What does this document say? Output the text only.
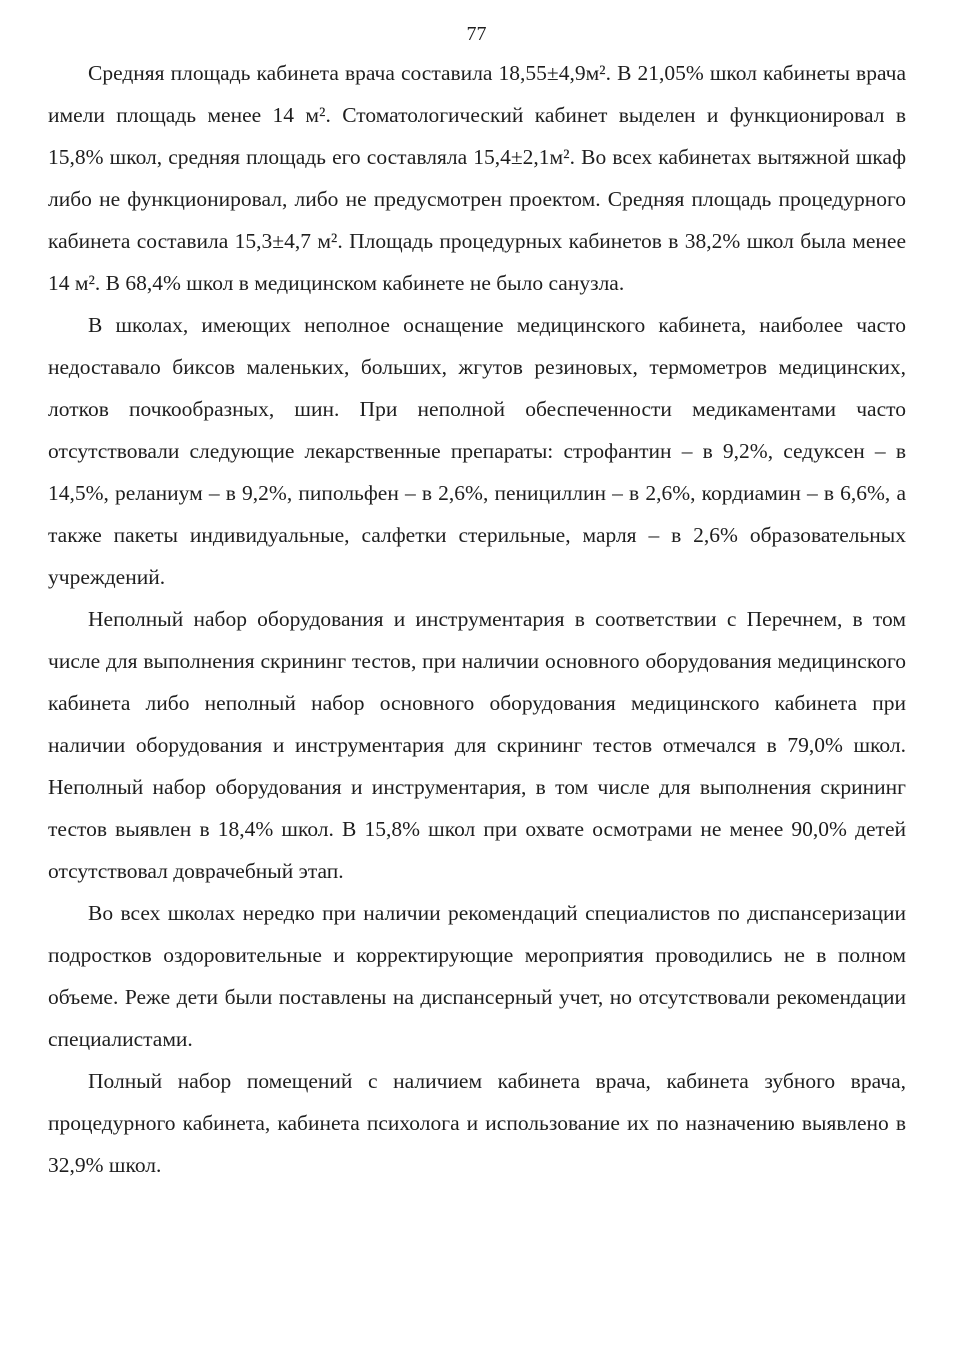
77

Средняя площадь кабинета врача составила 18,55±4,9м². В 21,05% школ кабинеты врача имели площадь менее 14 м². Стоматологический кабинет выделен и функционировал в 15,8% школ, средняя площадь его составляла 15,4±2,1м². Во всех кабинетах вытяжной шкаф либо не функционировал, либо не предусмотрен проектом. Средняя площадь процедурного кабинета составила 15,3±4,7 м². Площадь процедурных кабинетов в 38,2% школ была менее 14 м². В 68,4% школ в медицинском кабинете не было санузла.

В школах, имеющих неполное оснащение медицинского кабинета, наиболее часто недоставало биксов маленьких, больших, жгутов резиновых, термометров медицинских, лотков почкообразных, шин. При неполной обеспеченности медикаментами часто отсутствовали следующие лекарственные препараты: строфантин – в 9,2%, седуксен – в 14,5%, реланиум – в 9,2%, пипольфен – в 2,6%, пенициллин – в 2,6%, кордиамин – в 6,6%, а также пакеты индивидуальные, салфетки стерильные, марля – в 2,6% образовательных учреждений.

Неполный набор оборудования и инструментария в соответствии с Перечнем, в том числе для выполнения скрининг тестов, при наличии основного оборудования медицинского кабинета либо неполный набор основного оборудования медицинского кабинета при наличии оборудования и инструментария для скрининг тестов отмечался в 79,0% школ. Неполный набор оборудования и инструментария, в том числе для выполнения скрининг тестов выявлен в 18,4% школ. В 15,8% школ при охвате осмотрами не менее 90,0% детей отсутствовал доврачебный этап.

Во всех школах нередко при наличии рекомендаций специалистов по диспансеризации подростков оздоровительные и корректирующие мероприятия проводились не в полном объеме. Реже дети были поставлены на диспансерный учет, но отсутствовали рекомендации специалистами.

Полный набор помещений с наличием кабинета врача, кабинета зубного врача, процедурного кабинета, кабинета психолога и использование их по назначению выявлено в 32,9% школ.
